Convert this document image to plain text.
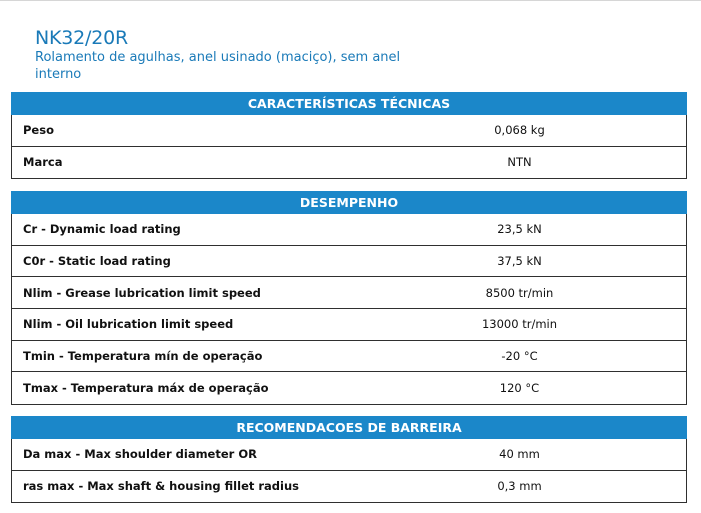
NK32/20R
Rolamento de agulhas, anel usinado (maciço), sem anel
interno
CARACTERÍSTICAS TÉCNICAS
Peso	0,068 kg
Marca	NTN
DESEMPENHO
Cr - Dynamic load rating	23,5 kN
C0r - Static load rating	37,5 kN
Nlim - Grease lubrication limit speed	8500 tr/min
Nlim - Oil lubrication limit speed	13000 tr/min
Tmin - Temperatura mín de operação	-20 °C
Tmax - Temperatura máx de operação	120 °C
RECOMENDACOES DE BARREIRA
Da max - Max shoulder diameter OR	40 mm
ras max - Max shaft & housing fillet radius	0,3 mm
